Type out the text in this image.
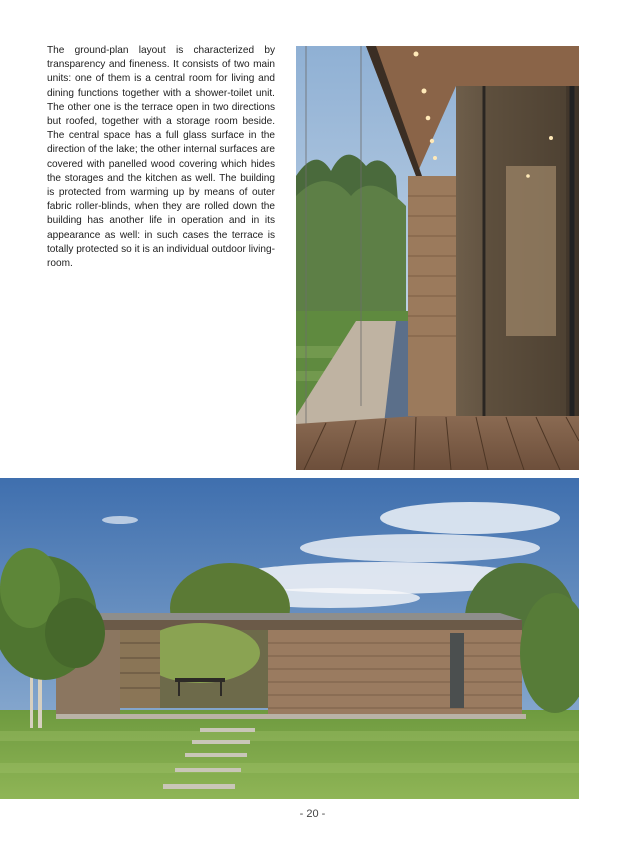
The ground-plan layout is characterized by transparency and fineness. It consists of two main units: one of them is a central room for living and dining functions together with a shower-toilet unit. The other one is the terrace open in two directions but roofed, together with a storage room beside. The central space has a full glass surface in the direction of the lake; the other internal surfaces are covered with panelled wood covering which hides the storages and the kitchen as well. The building is protected from warming up by means of outer fabric roller-blinds, when they are rolled down the building has another life in operation and in its appearance as well: in such cases the terrace is totally protected so it is an individual outdoor living-room.

- 20 -
